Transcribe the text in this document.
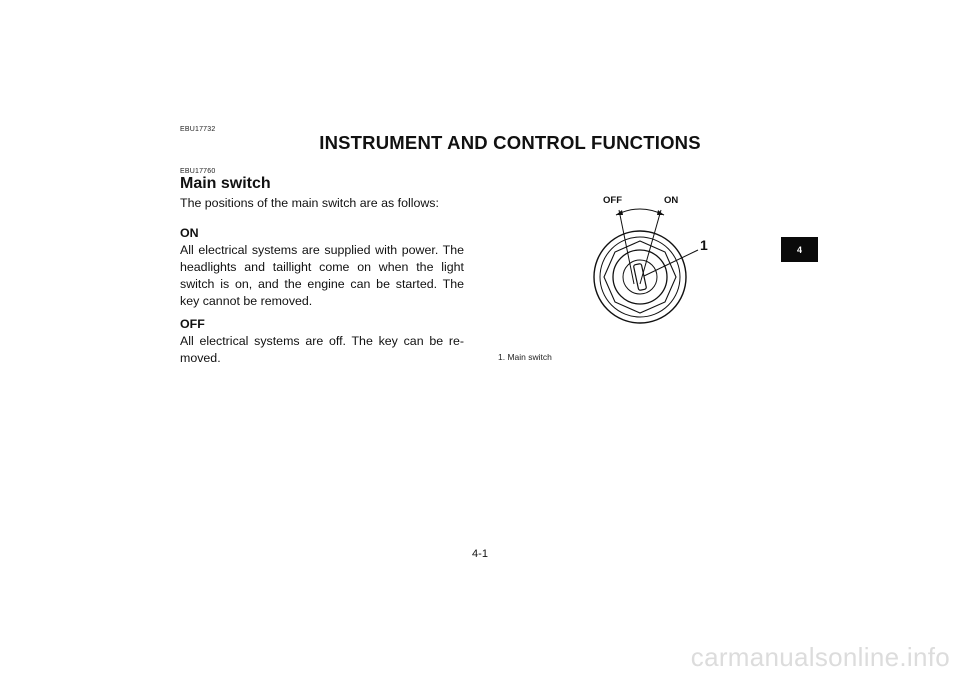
EBU17732
INSTRUMENT AND CONTROL FUNCTIONS
EBU17760
Main switch

The positions of the main switch are as follows:

ON

All electrical systems are supplied with power. The headlights and taillight come on when the light switch is on, and the engine can be started. The key cannot be removed.

OFF

All electrical systems are off. The key can be re-moved.

OFF	ON
1
1. Main switch
4
4-1
carmanualsonline.info
